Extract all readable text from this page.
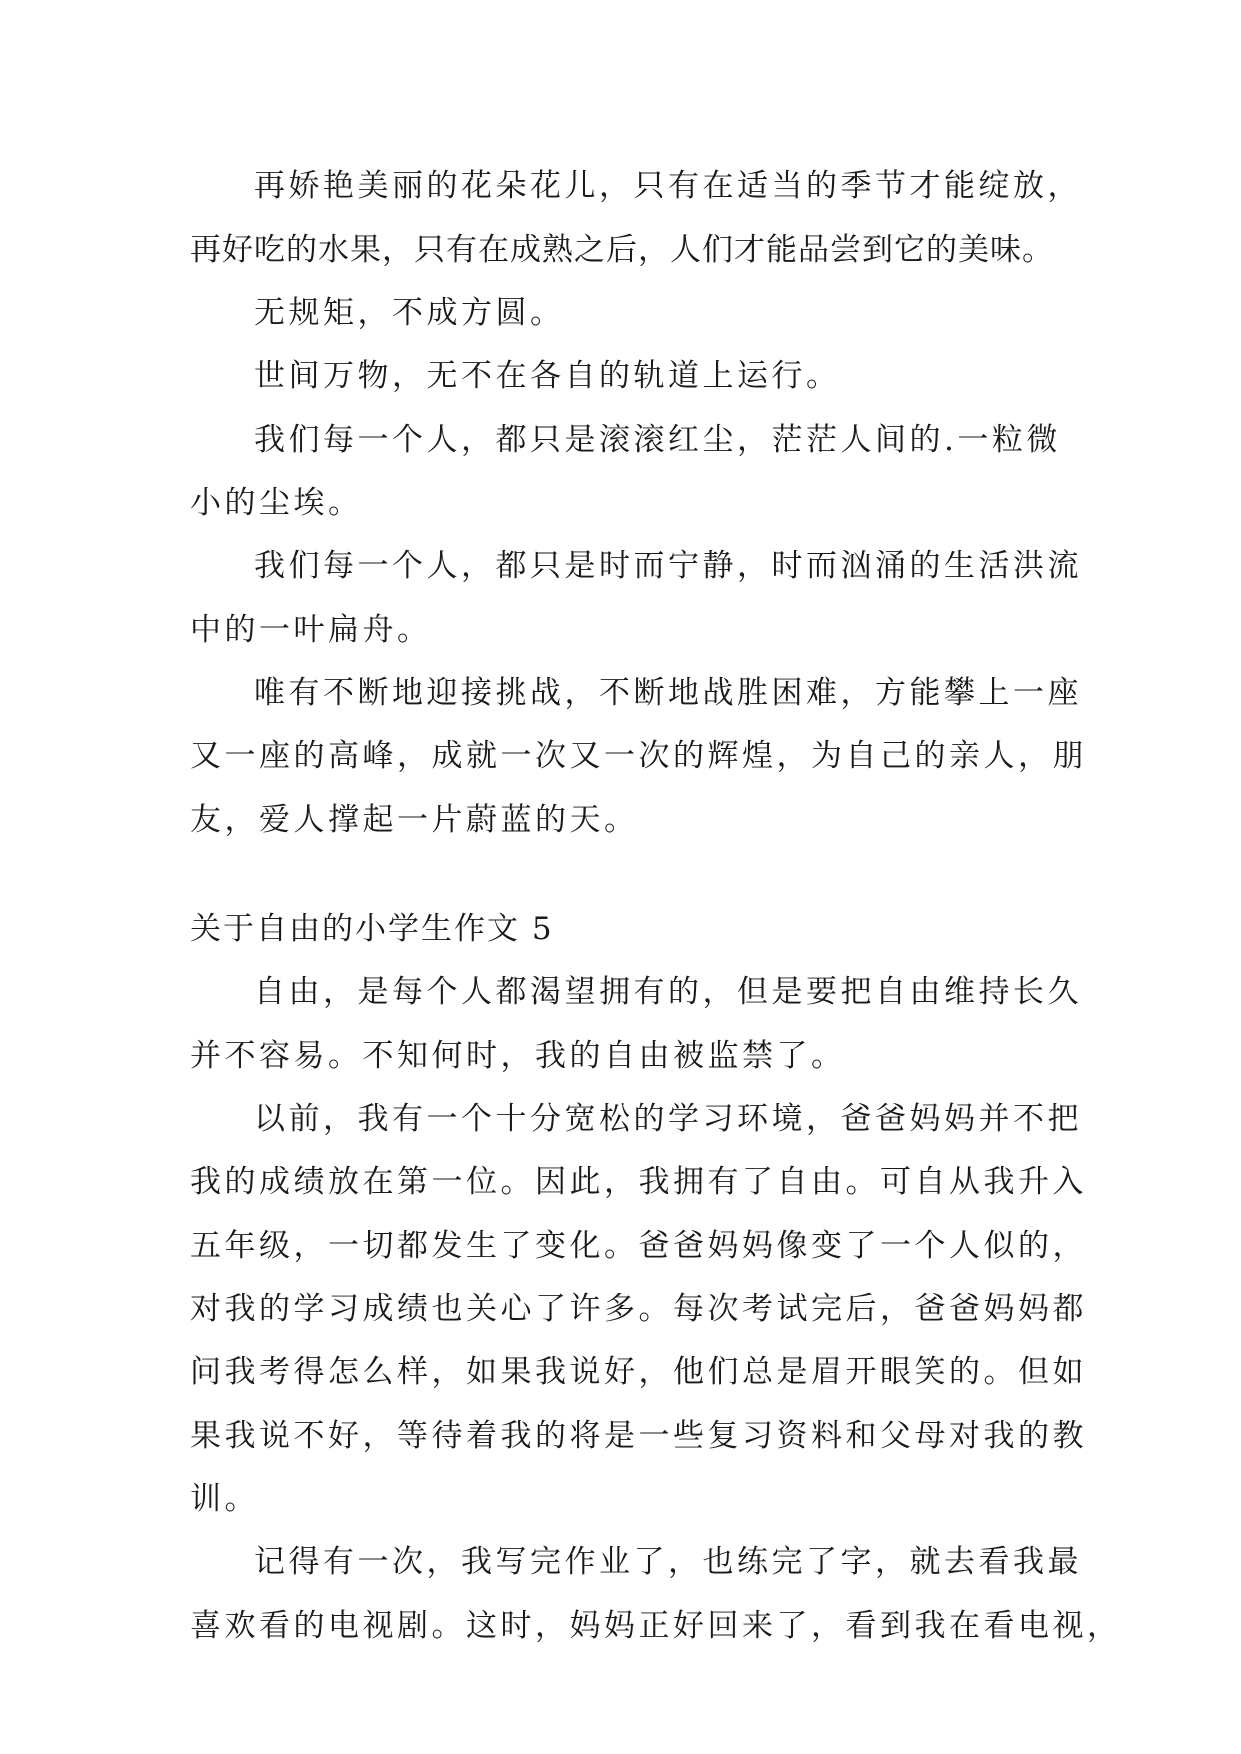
再娇艳美丽的花朵花儿，只有在适当的季节才能绽放，
再好吃的水果，只有在成熟之后，人们才能品尝到它的美味。
无规矩，不成方圆。
世间万物，无不在各自的轨道上运行。
我们每一个人，都只是滚滚红尘，茫茫人间的.一粒微
小的尘埃。
我们每一个人，都只是时而宁静，时而汹涌的生活洪流
中的一叶扁舟。
唯有不断地迎接挑战，不断地战胜困难，方能攀上一座
又一座的高峰，成就一次又一次的辉煌，为自己的亲人，朋
友，爱人撑起一片蔚蓝的天。
关于自由的小学生作文 5
自由，是每个人都渴望拥有的，但是要把自由维持长久
并不容易。不知何时，我的自由被监禁了。
以前，我有一个十分宽松的学习环境，爸爸妈妈并不把
我的成绩放在第一位。因此，我拥有了自由。可自从我升入
五年级，一切都发生了变化。爸爸妈妈像变了一个人似的，
对我的学习成绩也关心了许多。每次考试完后，爸爸妈妈都
问我考得怎么样，如果我说好，他们总是眉开眼笑的。但如
果我说不好，等待着我的将是一些复习资料和父母对我的教
训。
记得有一次，我写完作业了，也练完了字，就去看我最
喜欢看的电视剧。这时，妈妈正好回来了，看到我在看电视，
